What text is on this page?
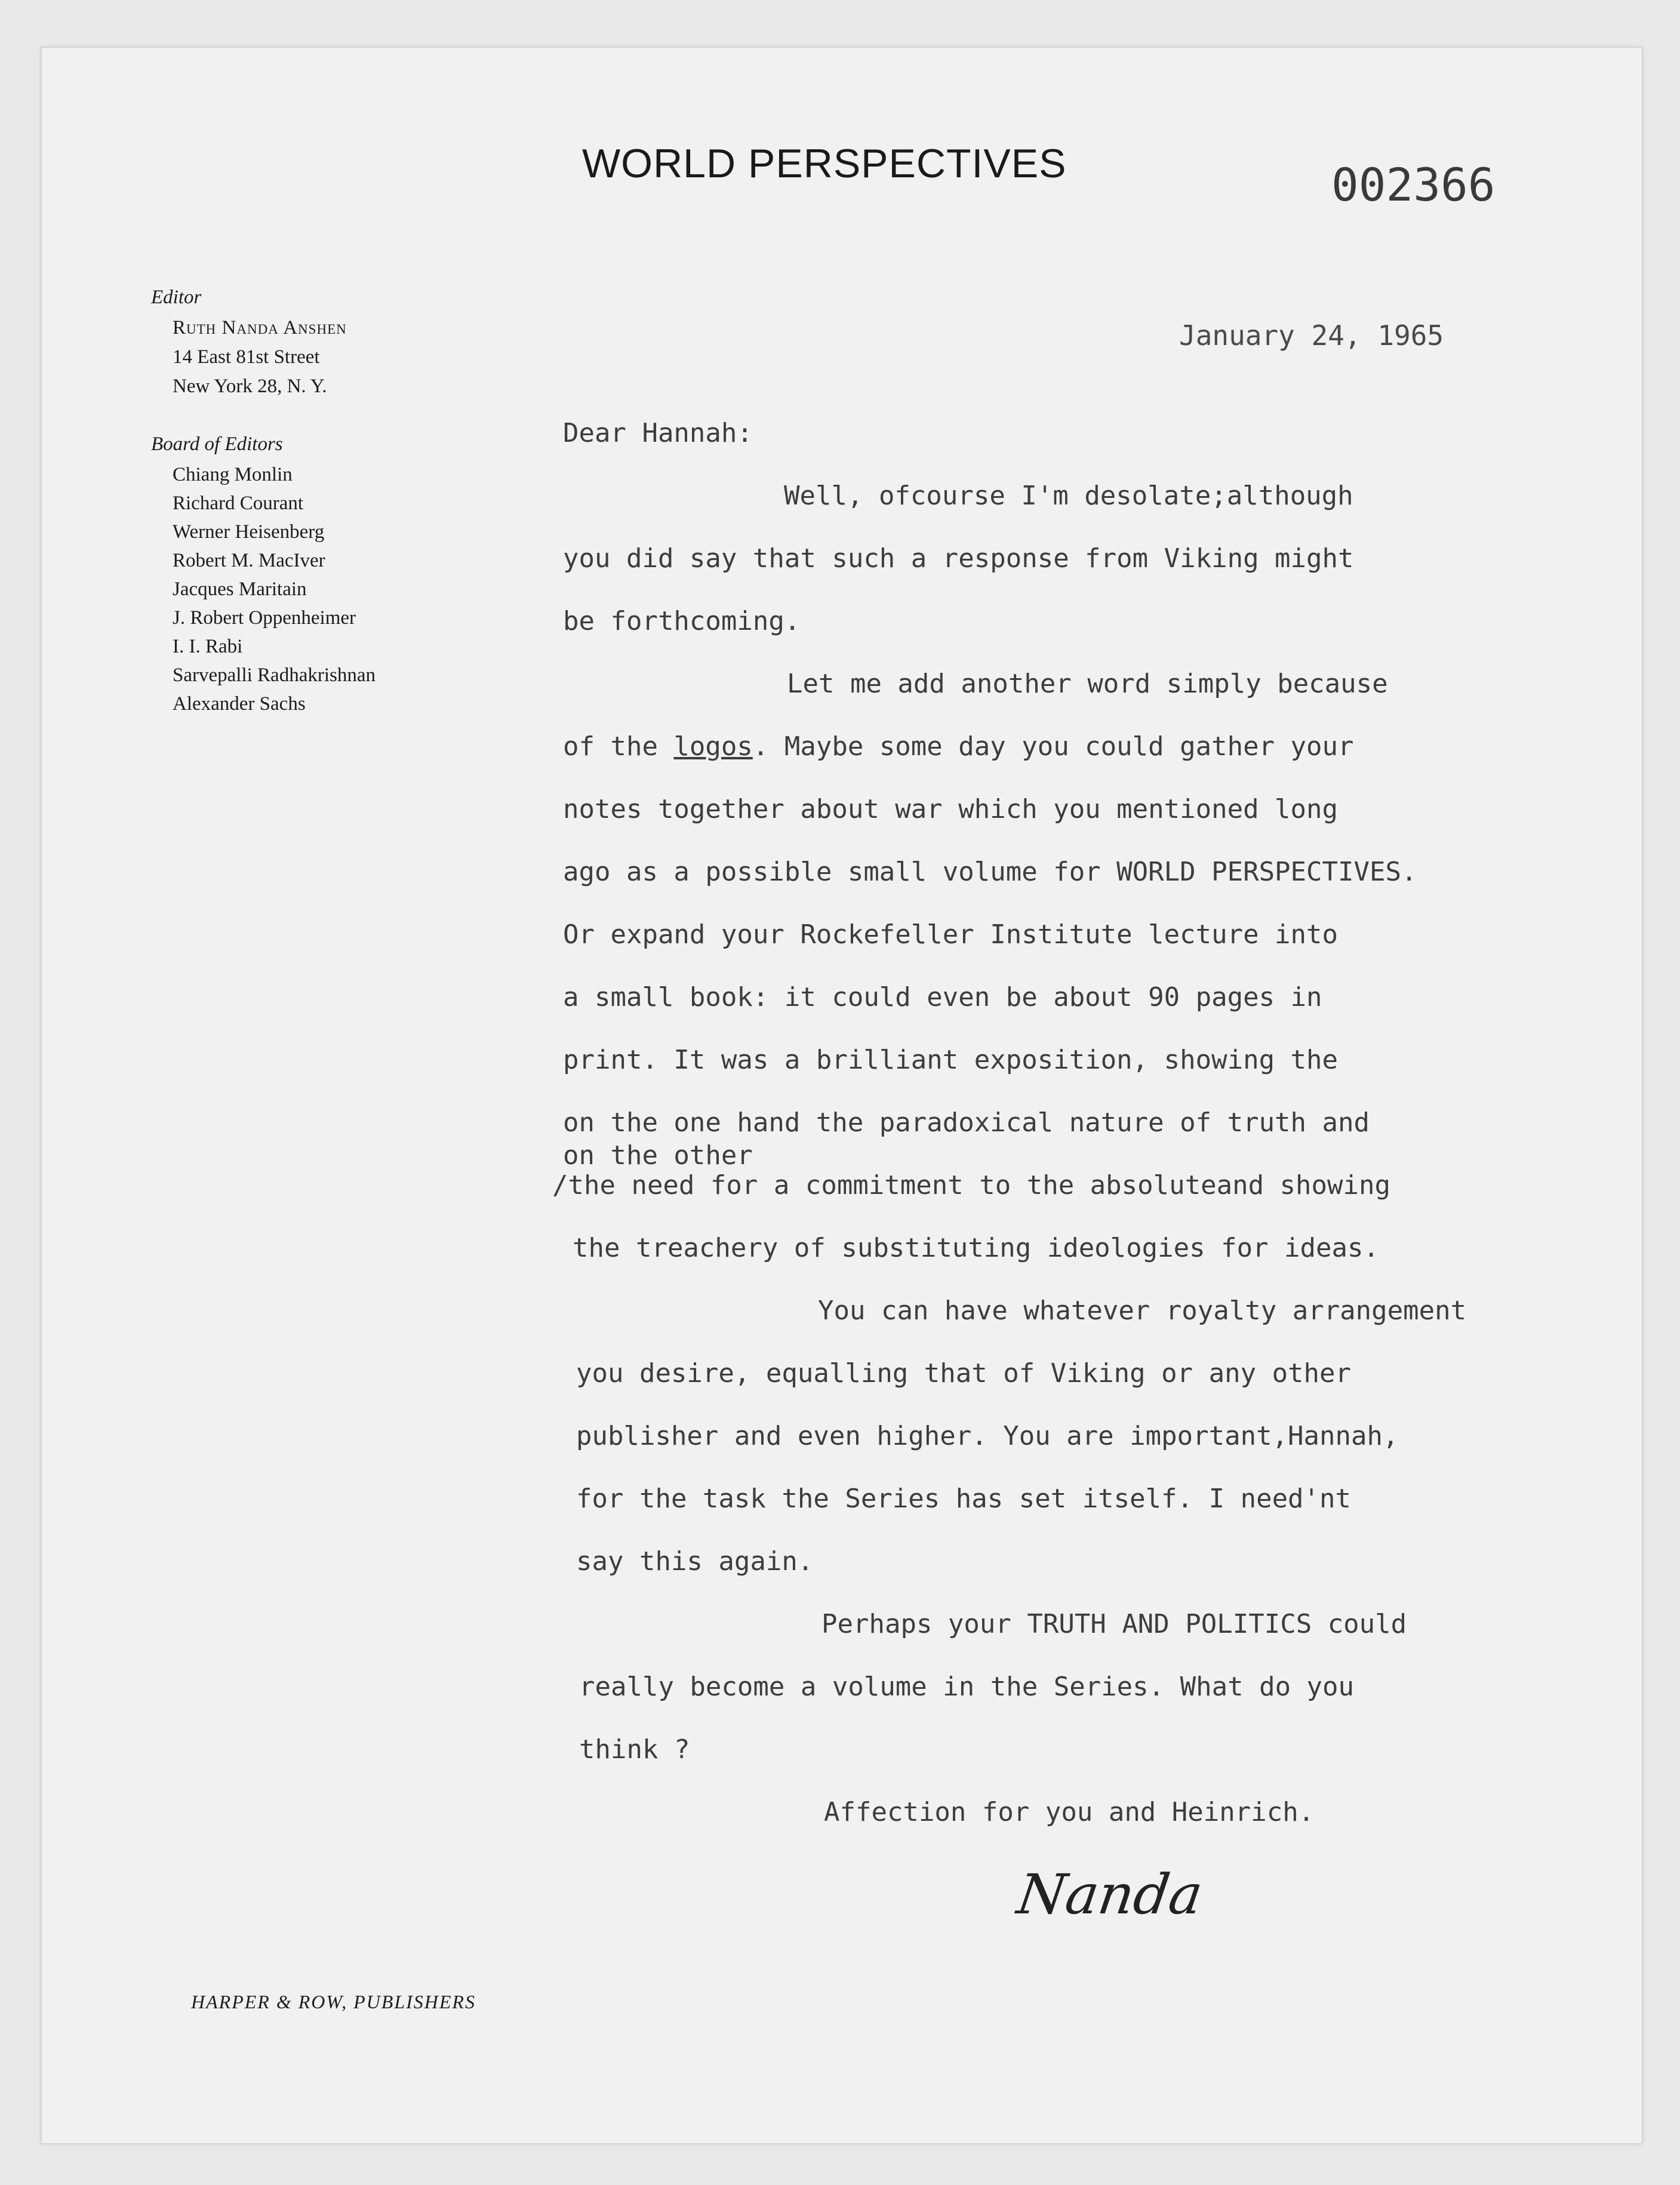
WORLD PERSPECTIVES	002366
Editor
Ruth Nanda Anshen
14 East 81st Street
New York 28, N. Y.
Board of Editors
Chiang Monlin
Richard Courant
Werner Heisenberg
Robert M. MacIver
Jacques Maritain
J. Robert Oppenheimer
I. I. Rabi
Sarvepalli Radhakrishnan
Alexander Sachs
January 24, 1965
Dear Hannah:
Well, ofcourse I'm desolate;although
you did say that such a response from Viking might
be forthcoming.
Let me add another word simply because
of the logos. Maybe some day you could gather your
notes together about war which you mentioned long
ago as a possible small volume for WORLD PERSPECTIVES.
Or expand your Rockefeller Institute lecture into
a small book: it could even be about 90 pages in
print. It was a brilliant exposition, showing the
on the one hand the paradoxical nature of truth and
on the other
/the need for a commitment to the absoluteand showing
the treachery of substituting ideologies for ideas.
You can have whatever royalty arrangement
you desire, equalling that of Viking or any other
publisher and even higher. You are important,Hannah,
for the task the Series has set itself. I need'nt
say this again.
Perhaps your TRUTH AND POLITICS could
really become a volume in the Series. What do you
think ?
Affection for you and Heinrich.
Nanda
HARPER & ROW, PUBLISHERS
